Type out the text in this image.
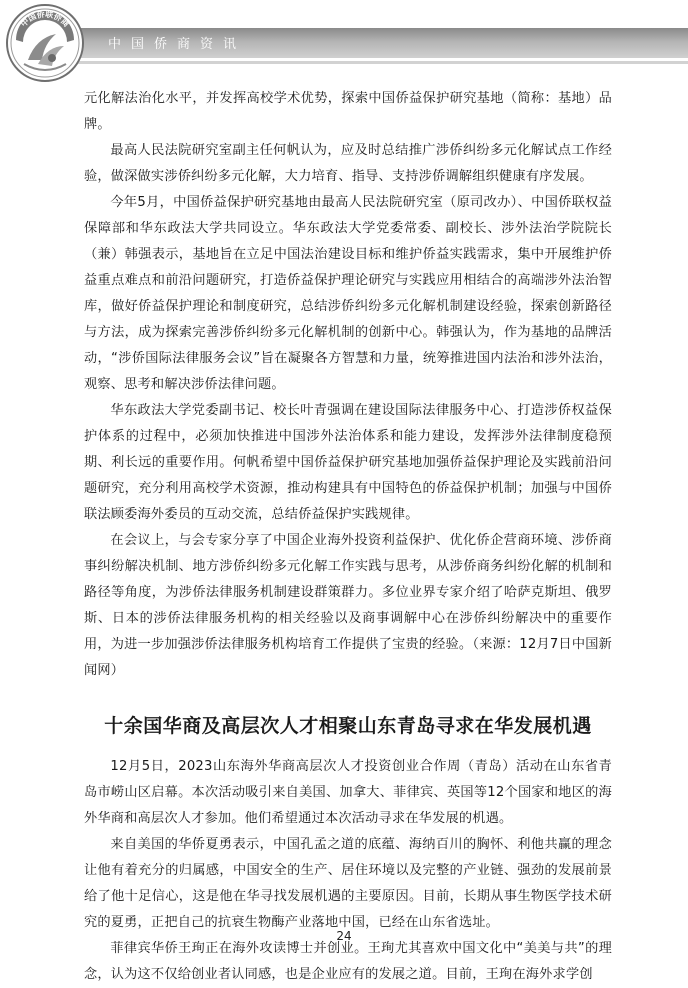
中国侨商资讯
中国侨联侨商

元化解法治化水平，并发挥高校学术优势，探索中国侨益保护研究基地（简称：基地）品牌。

最高人民法院研究室副主任何帆认为，应及时总结推广涉侨纠纷多元化解试点工作经验，做深做实涉侨纠纷多元化解，大力培育、指导、支持涉侨调解组织健康有序发展。

今年5月，中国侨益保护研究基地由最高人民法院研究室（原司改办）、中国侨联权益保障部和华东政法大学共同设立。华东政法大学党委常委、副校长、涉外法治学院院长（兼）韩强表示，基地旨在立足中国法治建设目标和维护侨益实践需求，集中开展维护侨益重点难点和前沿问题研究，打造侨益保护理论研究与实践应用相结合的高端涉外法治智库，做好侨益保护理论和制度研究，总结涉侨纠纷多元化解机制建设经验，探索创新路径与方法，成为探索完善涉侨纠纷多元化解机制的创新中心。韩强认为，作为基地的品牌活动，“涉侨国际法律服务会议”旨在凝聚各方智慧和力量，统筹推进国内法治和涉外法治，观察、思考和解决涉侨法律问题。

华东政法大学党委副书记、校长叶青强调在建设国际法律服务中心、打造涉侨权益保护体系的过程中，必须加快推进中国涉外法治体系和能力建设，发挥涉外法律制度稳预期、利长远的重要作用。何帆希望中国侨益保护研究基地加强侨益保护理论及实践前沿问题研究，充分利用高校学术资源，推动构建具有中国特色的侨益保护机制；加强与中国侨联法顾委海外委员的互动交流，总结侨益保护实践规律。

在会议上，与会专家分享了中国企业海外投资利益保护、优化侨企营商环境、涉侨商事纠纷解决机制、地方涉侨纠纷多元化解工作实践与思考，从涉侨商务纠纷化解的机制和路径等角度，为涉侨法律服务机制建设群策群力。多位业界专家介绍了哈萨克斯坦、俄罗斯、日本的涉侨法律服务机构的相关经验以及商事调解中心在涉侨纠纷解决中的重要作用，为进一步加强涉侨法律服务机构培育工作提供了宝贵的经验。（来源：12月7日中国新闻网）

十余国华商及高层次人才相聚山东青岛寻求在华发展机遇

12月5日，2023山东海外华商高层次人才投资创业合作周（青岛）活动在山东省青岛市崂山区启幕。本次活动吸引来自美国、加拿大、菲律宾、英国等12个国家和地区的海外华商和高层次人才参加。他们希望通过本次活动寻求在华发展的机遇。

来自美国的华侨夏勇表示，中国孔孟之道的底蕴、海纳百川的胸怀、利他共赢的理念让他有着充分的归属感，中国安全的生产、居住环境以及完整的产业链、强劲的发展前景给了他十足信心，这是他在华寻找发展机遇的主要原因。目前，长期从事生物医学技术研究的夏勇，正把自己的抗衰生物酶产业落地中国，已经在山东省选址。

菲律宾华侨王珣正在海外攻读博士并创业。王珣尤其喜欢中国文化中“美美与共”的理念，认为这不仅给创业者认同感，也是企业应有的发展之道。目前，王珣在海外求学创

24
